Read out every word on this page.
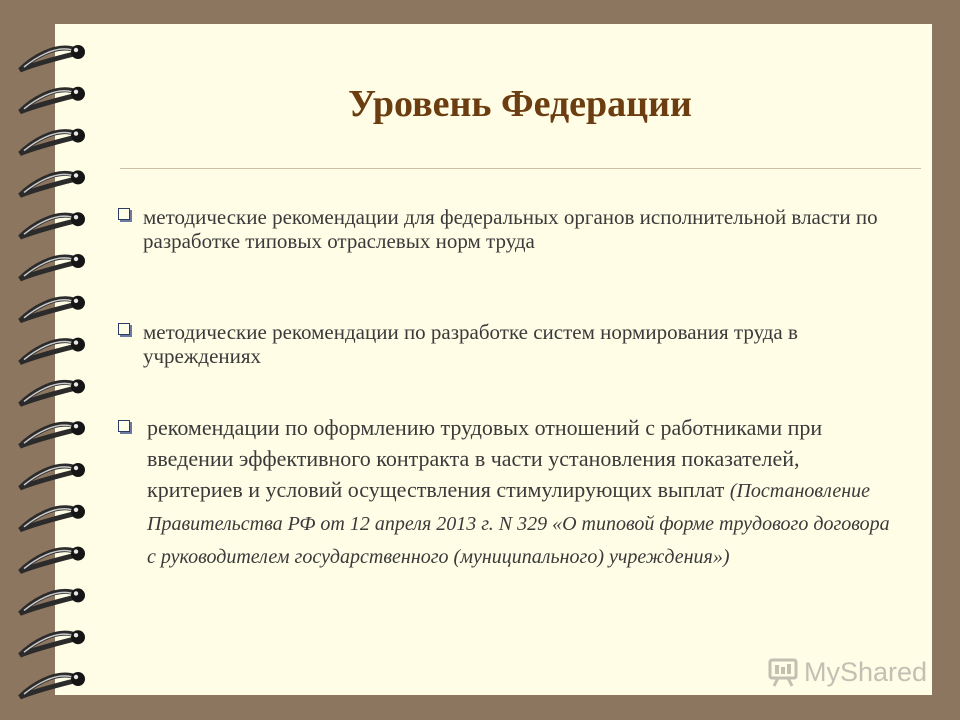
Уровень Федерации
методические рекомендации для федеральных органов исполнительной власти по разработке типовых отраслевых норм труда
методические рекомендации по разработке систем нормирования труда в учреждениях
рекомендации по оформлению трудовых отношений с работниками при введении эффективного контракта в части установления показателей, критериев и условий осуществления стимулирующих выплат (Постановление Правительства РФ от 12 апреля 2013 г. N 329 «О типовой форме трудового договора с руководителем государственного (муниципального) учреждения»)
MyShared
